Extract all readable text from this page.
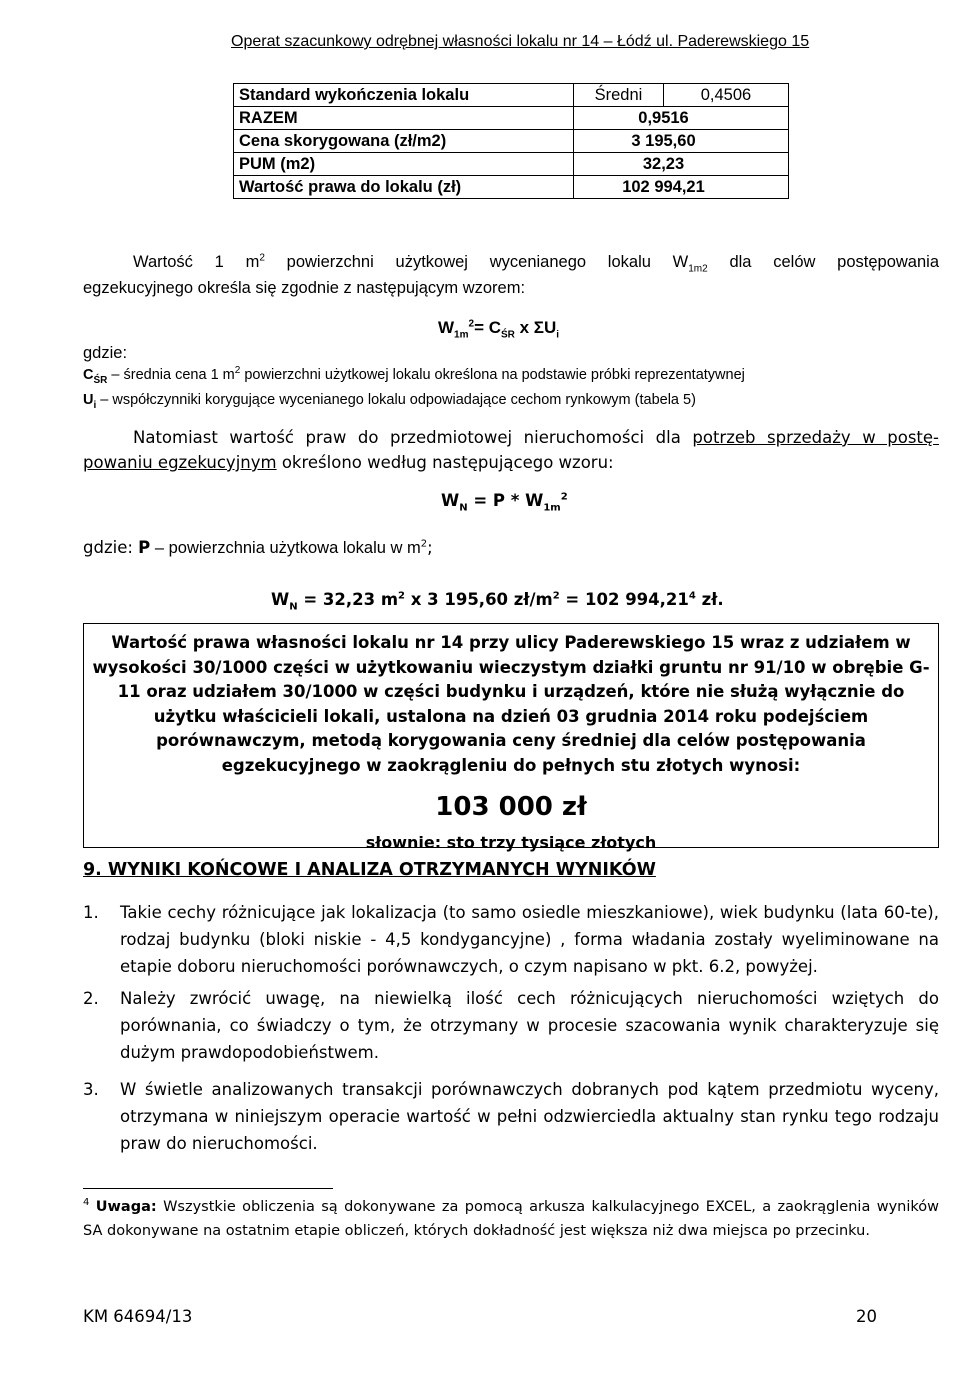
Operat szacunkowy odrębnej własności lokalu nr 14 – Łódź ul. Paderewskiego 15
Standard wykończenia lokalu	Średni	0,4506
RAZEM	0,9516	
Cena skorygowana (zł/m2)	3 195,60	
PUM (m2)	32,23	
Wartość prawa do lokalu (zł)	102 994,21	
Wartość 1 $m^2$ powierzchni użytkowej wycenianego lokalu $W_{1m2}$ dla celów postępowania
egzekucyjnego określa się zgodnie z następującym wzorem:
$W_{1m}^2= C_{ŚR}$ x $\Sigma U_i$
gdzie:
$C_{ŚR}$ – średnia cena 1 $m^2$ powierzchni użytkowej lokalu określona na podstawie próbki reprezentatywnej
$U_i$ – współczynniki korygujące wycenianego lokalu odpowiadające cechom rynkowym (tabela 5)
Natomiast wartość praw do przedmiotowej nieruchomości dla potrzeb sprzedaży w postę-
powaniu egzekucyjnym określono według następującego wzoru:
$W_N = P * W_{1m}^2$
gdzie: P – powierzchnia użytkowa lokalu w $m^2$;
$W_N = 32,23$ $m^2$ x 3 195,60 $zł/m^2 = 102$ 994,21$^4$ zł.
Wartość prawa własności lokalu nr 14 przy ulicy Paderewskiego 15 wraz z udziałem w wysokości 30/1000 części w użytkowaniu wieczystym działki gruntu nr 91/10 w obrębie G-11 oraz udziałem 30/1000 w części budynku i urządzeń, które nie służą wyłącznie do użytku właścicieli lokali, ustalona na dzień 03 grudnia 2014 roku podejściem porównawczym, metodą korygowania ceny średniej dla celów postępowania egzekucyjnego w zaokrągleniu do pełnych stu złotych wynosi:
103 000 zł
słownie: sto trzy tysiące złotych
9. WYNIKI KOŃCOWE I ANALIZA OTRZYMANYCH WYNIKÓW
1. Takie cechy różnicujące jak lokalizacja (to samo osiedle mieszkaniowe), wiek budynku (lata 60-te), rodzaj budynku (bloki niskie - 4,5 kondygancyjne) , forma władania zostały wyeliminowane na etapie doboru nieruchomości porównawczych, o czym napisano w pkt. 6.2, powyżej.
2. Należy zwrócić uwagę, na niewielką ilość cech różnicujących nieruchomości wziętych do porównania, co świadczy o tym, że otrzymany w procesie szacowania wynik charakteryzuje się dużym prawdopodobieństwem.
3. W świetle analizowanych transakcji porównawczych dobranych pod kątem przedmiotu wyceny, otrzymana w niniejszym operacie wartość w pełni odzwierciedla aktualny stan rynku tego rodzaju praw do nieruchomości.
$^4$ Uwaga: Wszystkie obliczenia są dokonywane za pomocą arkusza kalkulacyjnego EXCEL, a zaokrąglenia wyników SA dokonywane na ostatnim etapie obliczeń, których dokładność jest większa niż dwa miejsca po przecinku.
KM 64694/13	20
